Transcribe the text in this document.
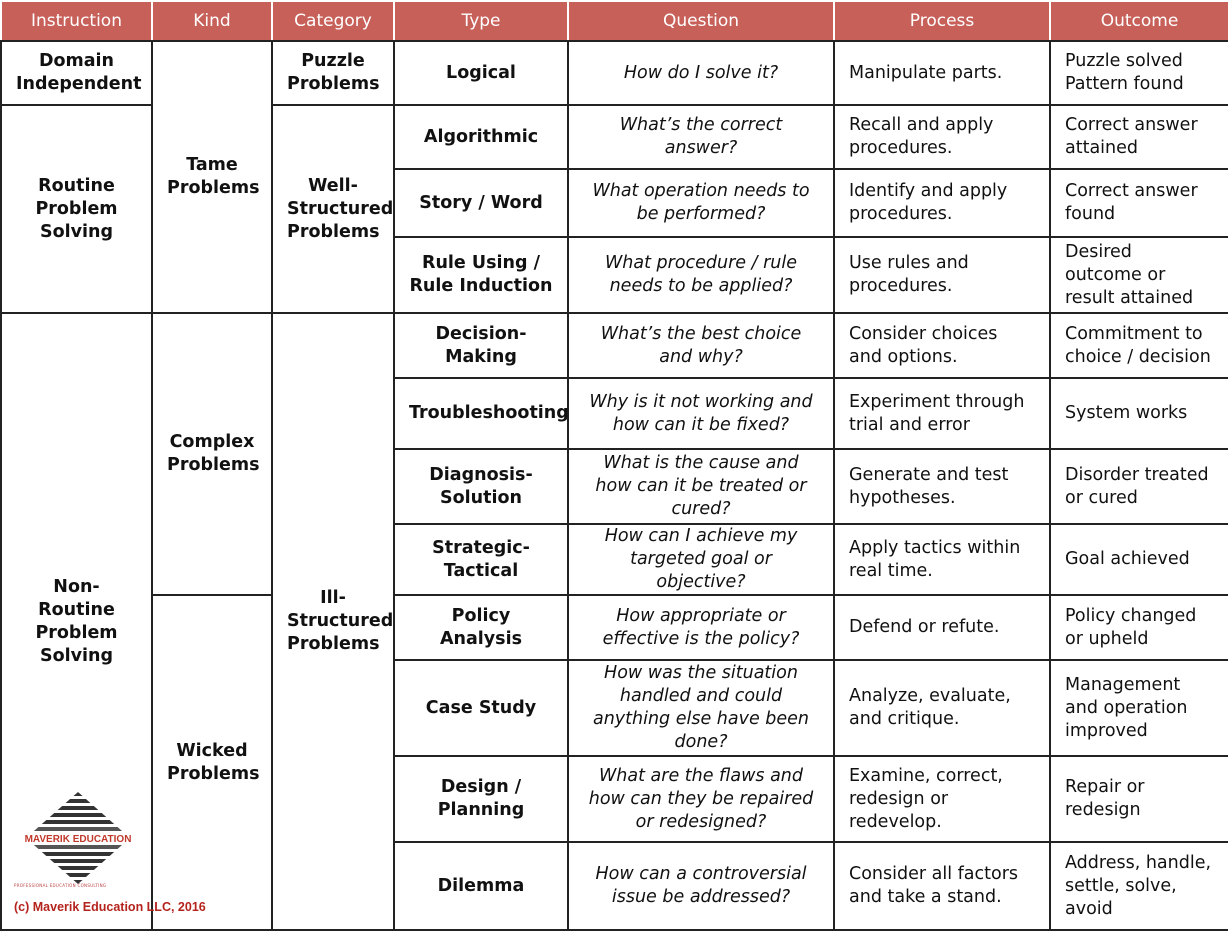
Instruction	Kind	Category	Type	Question	Process	Outcome
Domain Independent	Tame Problems	Puzzle Problems	Logical	How do I solve it?	Manipulate parts.	Puzzle solved Pattern found
Routine Problem Solving		Well-Structured Problems	Algorithmic	What’s the correct answer?	Recall and apply procedures.	Correct answer attained
			Story / Word	What operation needs to be performed?	Identify and apply procedures.	Correct answer found
			Rule Using / Rule Induction	What procedure / rule needs to be applied?	Use rules and procedures.	Desired outcome or result attained
Non-Routine Problem Solving	Complex Problems	Ill-Structured Problems	Decision-Making	What’s the best choice and why?	Consider choices and options.	Commitment to choice / decision
			Troubleshooting	Why is it not working and how can it be fixed?	Experiment through trial and error	System works
			Diagnosis-Solution	What is the cause and how can it be treated or cured?	Generate and test hypotheses.	Disorder treated or cured
			Strategic-Tactical	How can I achieve my targeted goal or objective?	Apply tactics within real time.	Goal achieved
	Wicked Problems		Policy Analysis	How appropriate or effective is the policy?	Defend or refute.	Policy changed or upheld
			Case Study	How was the situation handled and could anything else have been done?	Analyze, evaluate, and critique.	Management and operation improved
			Design / Planning	What are the flaws and how can they be repaired or redesigned?	Examine, correct, redesign or redevelop.	Repair or redesign
			Dilemma	How can a controversial issue be addressed?	Consider all factors and take a stand.	Address, handle, settle, solve, avoid
MAVERIK EDUCATION
PROFESSIONAL EDUCATION CONSULTING
(c) Maverik Education LLC, 2016
